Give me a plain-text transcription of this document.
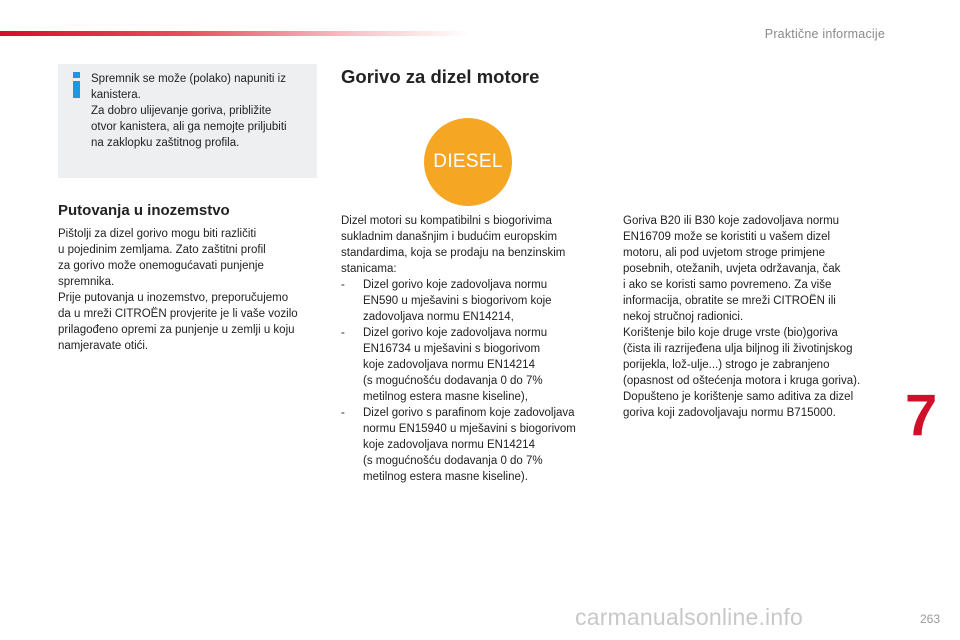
Praktične informacije
Spremnik se može (polako) napuniti iz
kanistera.
Za dobro ulijevanje goriva, približite
otvor kanistera, ali ga nemojte priljubiti
na zaklopku zaštitnog profila.
Putovanja u inozemstvo
Pištolji za dizel gorivo mogu biti različiti
u pojedinim zemljama. Zato zaštitni profil
za gorivo može onemogućavati punjenje
spremnika.
Prije putovanja u inozemstvo, preporučujemo
da u mreži CITROËN provjerite je li vaše vozilo
prilagođeno opremi za punjenje u zemlji u koju
namjeravate otići.
Gorivo za dizel motore
DIESEL

Dizel motori su kompatibilni s biogorivima
sukladnim današnjim i budućim europskim
standardima, koja se prodaju na benzinskim
stanicama:

- Dizel gorivo koje zadovoljava normu
EN590 u mješavini s biogorivom koje
zadovoljava normu EN14214,
- Dizel gorivo koje zadovoljava normu
EN16734 u mješavini s biogorivom
koje zadovoljava normu EN14214
(s mogućnošću dodavanja 0 do 7%
metilnog estera masne kiseline),
- Dizel gorivo s parafinom koje zadovoljava
normu EN15940 u mješavini s biogorivom
koje zadovoljava normu EN14214
(s mogućnošću dodavanja 0 do 7%
metilnog estera masne kiseline).
Goriva B20 ili B30 koje zadovoljava normu
EN16709 može se koristiti u vašem dizel
motoru, ali pod uvjetom stroge primjene
posebnih, otežanih, uvjeta održavanja, čak
i ako se koristi samo povremeno. Za više
informacija, obratite se mreži CITROËN ili
nekoj stručnoj radionici.
Korištenje bilo koje druge vrste (bio)goriva
(čista ili razrijeđena ulja biljnog ili životinjskog
porijekla, lož-ulje...) strogo je zabranjeno
(opasnost od oštećenja motora i kruga goriva).
Dopušteno je korištenje samo aditiva za dizel
goriva koji zadovoljavaju normu B715000.	7
263
carmanualsonline.info
